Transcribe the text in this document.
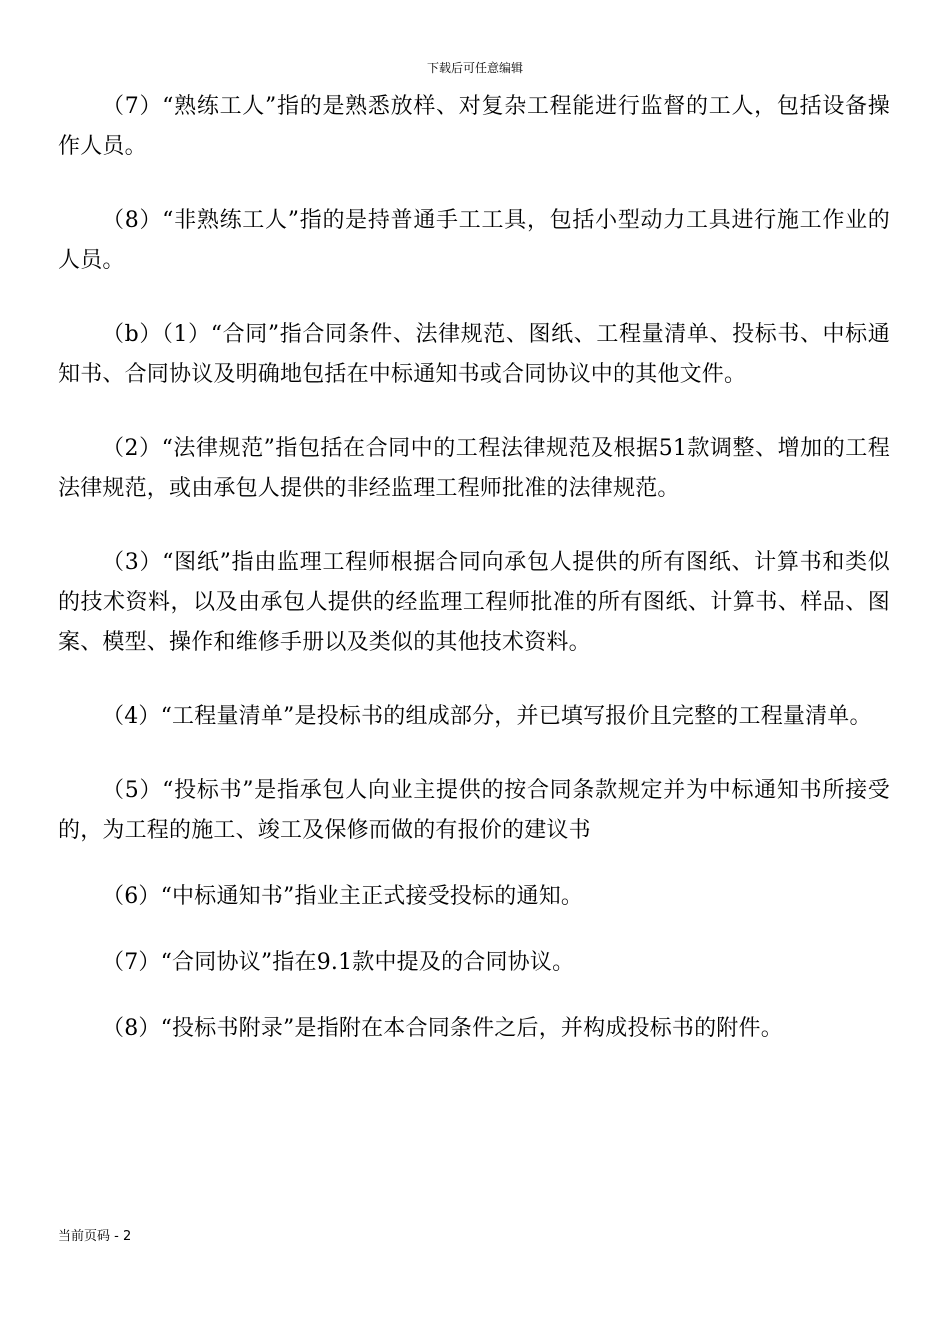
下载后可任意编辑

（7）“熟练工人”指的是熟悉放样、对复杂工程能进行监督的工人，包括设备操作人员。

（8）“非熟练工人”指的是持普通手工工具，包括小型动力工具进行施工作业的人员。

（b）（1）“合同”指合同条件、法律规范、图纸、工程量清单、投标书、中标通知书、合同协议及明确地包括在中标通知书或合同协议中的其他文件。

（2）“法律规范”指包括在合同中的工程法律规范及根据51款调整、增加的工程法律规范，或由承包人提供的非经监理工程师批准的法律规范。

（3）“图纸”指由监理工程师根据合同向承包人提供的所有图纸、计算书和类似的技术资料，以及由承包人提供的经监理工程师批准的所有图纸、计算书、样品、图案、模型、操作和维修手册以及类似的其他技术资料。

（4）“工程量清单”是投标书的组成部分，并已填写报价且完整的工程量清单。

（5）“投标书”是指承包人向业主提供的按合同条款规定并为中标通知书所接受的，为工程的施工、竣工及保修而做的有报价的建议书

（6）“中标通知书”指业主正式接受投标的通知。

（7）“合同协议”指在9.1款中提及的合同协议。

（8）“投标书附录”是指附在本合同条件之后，并构成投标书的附件。

当前页码 - 2
